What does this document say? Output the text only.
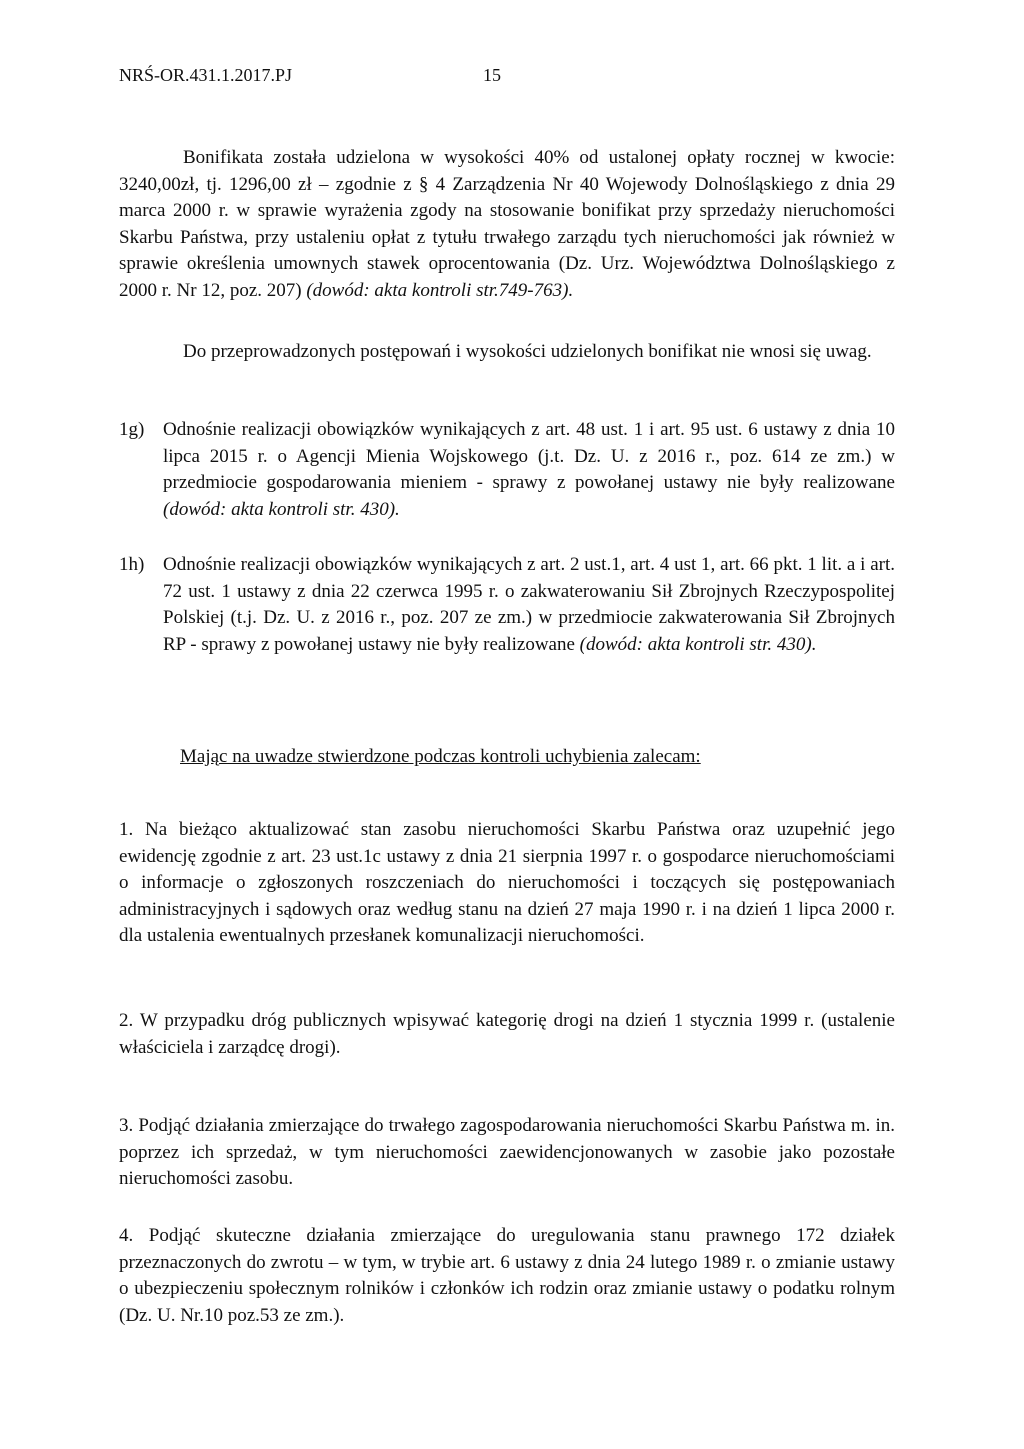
NRŚ-OR.431.1.2017.PJ	15

Bonifikata została udzielona w wysokości 40% od ustalonej opłaty rocznej w kwocie: 3240,00zł, tj. 1296,00 zł – zgodnie z § 4 Zarządzenia Nr 40 Wojewody Dolnośląskiego z dnia 29 marca 2000 r. w sprawie wyrażenia zgody na stosowanie bonifikat przy sprzedaży nieruchomości Skarbu Państwa, przy ustaleniu opłat z tytułu trwałego zarządu tych nieruchomości jak również w sprawie określenia umownych stawek oprocentowania (Dz. Urz. Województwa Dolnośląskiego z 2000 r. Nr 12, poz. 207) (dowód: akta kontroli str.749-763).

Do przeprowadzonych postępowań i wysokości udzielonych bonifikat nie wnosi się uwag.

1g) Odnośnie realizacji obowiązków wynikających z art. 48 ust. 1 i art. 95 ust. 6 ustawy z dnia 10 lipca 2015 r. o Agencji Mienia Wojskowego (j.t. Dz. U. z 2016 r., poz. 614 ze zm.) w przedmiocie gospodarowania mieniem - sprawy z powołanej ustawy nie były realizowane (dowód: akta kontroli str. 430).
1h) Odnośnie realizacji obowiązków wynikających z art. 2 ust.1, art. 4 ust 1, art. 66 pkt. 1 lit. a i art. 72 ust. 1 ustawy z dnia 22 czerwca 1995 r. o zakwaterowaniu Sił Zbrojnych Rzeczypospolitej Polskiej (t.j. Dz. U. z 2016 r., poz. 207 ze zm.) w przedmiocie zakwaterowania Sił Zbrojnych RP - sprawy z powołanej ustawy nie były realizowane (dowód: akta kontroli str. 430).
Mając na uwadze stwierdzone podczas kontroli uchybienia zalecam:

1. Na bieżąco aktualizować stan zasobu nieruchomości Skarbu Państwa oraz uzupełnić jego ewidencję zgodnie z art. 23 ust.1c ustawy z dnia 21 sierpnia 1997 r. o gospodarce nieruchomościami o informacje o zgłoszonych roszczeniach do nieruchomości i toczących się postępowaniach administracyjnych i sądowych oraz według stanu na dzień 27 maja 1990 r. i na dzień 1 lipca 2000 r. dla ustalenia ewentualnych przesłanek komunalizacji nieruchomości.

2. W przypadku dróg publicznych wpisywać kategorię drogi na dzień 1 stycznia 1999 r. (ustalenie właściciela i zarządcę drogi).

3. Podjąć działania zmierzające do trwałego zagospodarowania nieruchomości Skarbu Państwa m. in. poprzez ich sprzedaż, w tym nieruchomości zaewidencjonowanych w zasobie jako pozostałe nieruchomości zasobu.

4. Podjąć skuteczne działania zmierzające do uregulowania stanu prawnego 172 działek przeznaczonych do zwrotu – w tym, w trybie art. 6 ustawy z dnia 24 lutego 1989 r. o zmianie ustawy o ubezpieczeniu społecznym rolników i członków ich rodzin oraz zmianie ustawy o podatku rolnym (Dz. U. Nr.10 poz.53 ze zm.).
